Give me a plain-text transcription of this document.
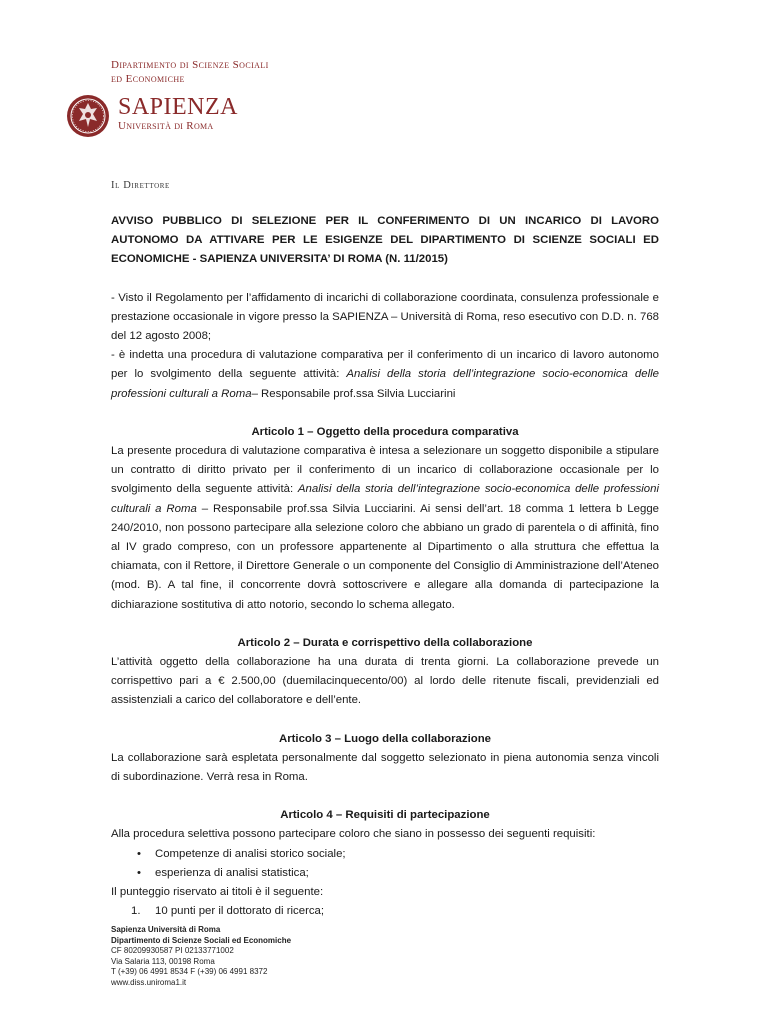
Dipartimento di Scienze Sociali
ed Economiche
SAPIENZA
Università di Roma
Il Direttore

AVVISO PUBBLICO DI SELEZIONE PER IL CONFERIMENTO DI UN INCARICO DI LAVORO AUTONOMO DA ATTIVARE PER LE ESIGENZE DEL DIPARTIMENTO DI SCIENZE SOCIALI ED ECONOMICHE - SAPIENZA UNIVERSITA’ DI ROMA (N. 11/2015)

- Visto il Regolamento per l’affidamento di incarichi di collaborazione coordinata, consulenza professionale e prestazione occasionale in vigore presso la SAPIENZA – Università di Roma, reso esecutivo con D.D. n. 768 del 12 agosto 2008;

- è indetta una procedura di valutazione comparativa per il conferimento di un incarico di lavoro autonomo per lo svolgimento della seguente attività: Analisi della storia dell’integrazione socio-economica delle professioni culturali a Roma– Responsabile prof.ssa Silvia Lucciarini

Articolo 1 – Oggetto della procedura comparativa

La presente procedura di valutazione comparativa è intesa a selezionare un soggetto disponibile a stipulare un contratto di diritto privato per il conferimento di un incarico di collaborazione occasionale per lo svolgimento della seguente attività: Analisi della storia dell’integrazione socio-economica delle professioni culturali a Roma – Responsabile prof.ssa Silvia Lucciarini. Ai sensi dell’art. 18 comma 1 lettera b Legge 240/2010, non possono partecipare alla selezione coloro che abbiano un grado di parentela o di affinità, fino al IV grado compreso, con un professore appartenente al Dipartimento o alla struttura che effettua la chiamata, con il Rettore, il Direttore Generale o un componente del Consiglio di Amministrazione dell’Ateneo (mod. B). A tal fine, il concorrente dovrà sottoscrivere e allegare alla domanda di partecipazione la dichiarazione sostitutiva di atto notorio, secondo lo schema allegato.

Articolo 2 – Durata e corrispettivo della collaborazione

L’attività oggetto della collaborazione ha una durata di trenta giorni. La collaborazione prevede un corrispettivo pari a € 2.500,00 (duemilacinquecento/00) al lordo delle ritenute fiscali, previdenziali ed assistenziali a carico del collaboratore e dell’ente.

Articolo 3 – Luogo della collaborazione

La collaborazione sarà espletata personalmente dal soggetto selezionato in piena autonomia senza vincoli di subordinazione. Verrà resa in Roma.

Articolo 4 – Requisiti di partecipazione

Alla procedura selettiva possono partecipare coloro che siano in possesso dei seguenti requisiti:

• Competenze di analisi storico sociale;
• esperienza di analisi statistica;

Il punteggio riservato ai titoli è il seguente:

1. 10 punti per il dottorato di ricerca;
Sapienza Università di Roma
Dipartimento di Scienze Sociali ed Economiche
CF 80209930587 PI 02133771002
Via Salaria 113, 00198 Roma
T (+39) 06 4991 8534 F (+39) 06 4991 8372
www.diss.uniroma1.it
